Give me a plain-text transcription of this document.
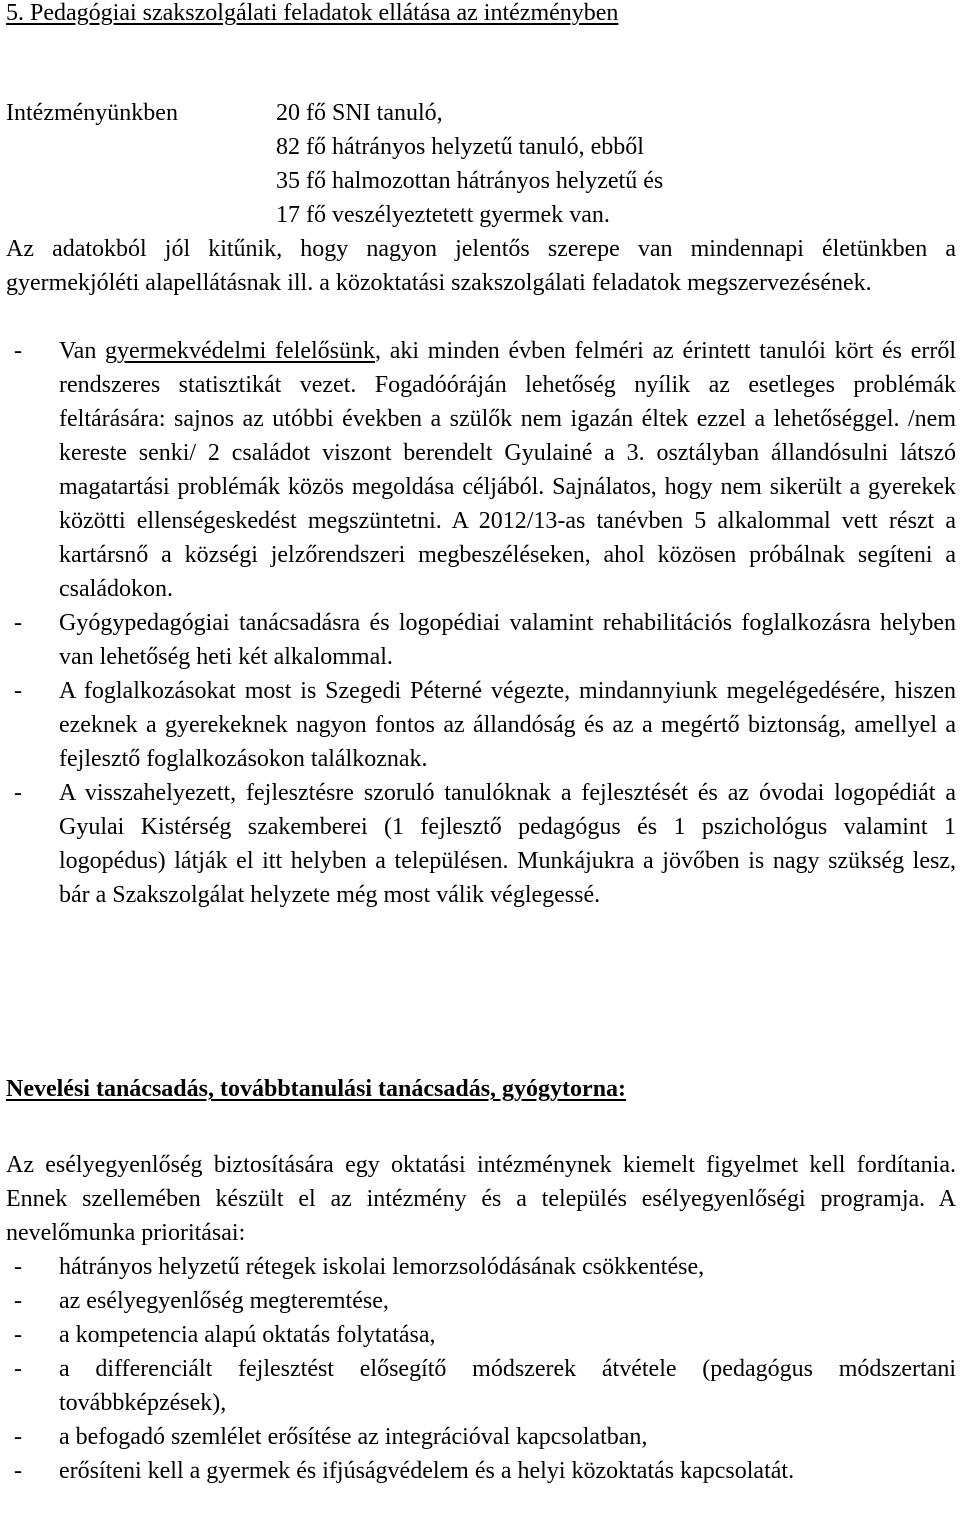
5. Pedagógiai szakszolgálati feladatok ellátása az intézményben
Intézményünkben	20 fő SNI tanuló,
82 fő hátrányos helyzetű tanuló, ebből
35 fő halmozottan hátrányos helyzetű és
17 fő veszélyeztetett gyermek van.
Az adatokból jól kitűnik, hogy nagyon jelentős szerepe van mindennapi életünkben a gyermekjóléti alapellátásnak ill. a közoktatási szakszolgálati feladatok megszervezésének.
- Van gyermekvédelmi felelősünk, aki minden évben felméri az érintett tanulói kört és erről rendszeres statisztikát vezet. Fogadóóráján lehetőség nyílik az esetleges problémák feltárására: sajnos az utóbbi években a szülők nem igazán éltek ezzel a lehetőséggel. /nem kereste senki/ 2 családot viszont berendelt Gyulainé a 3. osztályban állandósulni látszó magatartási problémák közös megoldása céljából. Sajnálatos, hogy nem sikerült a gyerekek közötti ellenségeskedést megszüntetni. A 2012/13-as tanévben 5 alkalommal vett részt a kartársnő a községi jelzőrendszeri megbeszéléseken, ahol közösen próbálnak segíteni a családokon.
- Gyógypedagógiai tanácsadásra és logopédiai valamint rehabilitációs foglalkozásra helyben van lehetőség heti két alkalommal.
- A foglalkozásokat most is Szegedi Péterné végezte, mindannyiunk megelégedésére, hiszen ezeknek a gyerekeknek nagyon fontos az állandóság és az a megértő biztonság, amellyel a fejlesztő foglalkozásokon találkoznak.
- A visszahelyezett, fejlesztésre szoruló tanulóknak a fejlesztését és az óvodai logopédiát a Gyulai Kistérség szakemberei (1 fejlesztő pedagógus és 1 pszichológus valamint 1 logopédus) látják el itt helyben a településen. Munkájukra a jövőben is nagy szükség lesz, bár a Szakszolgálat helyzete még most válik véglegessé.
Nevelési tanácsadás, továbbtanulási tanácsadás, gyógytorna:
Az esélyegyenlőség biztosítására egy oktatási intézménynek kiemelt figyelmet kell fordítania. Ennek szellemében készült el az intézmény és a település esélyegyenlőségi programja. A nevelőmunka prioritásai:
- hátrányos helyzetű rétegek iskolai lemorzsolódásának csökkentése,
- az esélyegyenlőség megteremtése,
- a kompetencia alapú oktatás folytatása,
- a differenciált fejlesztést elősegítő módszerek átvétele (pedagógus módszertani továbbképzések),
- a befogadó szemlélet erősítése az integrációval kapcsolatban,
- erősíteni kell a gyermek és ifjúságvédelem és a helyi közoktatás kapcsolatát.
